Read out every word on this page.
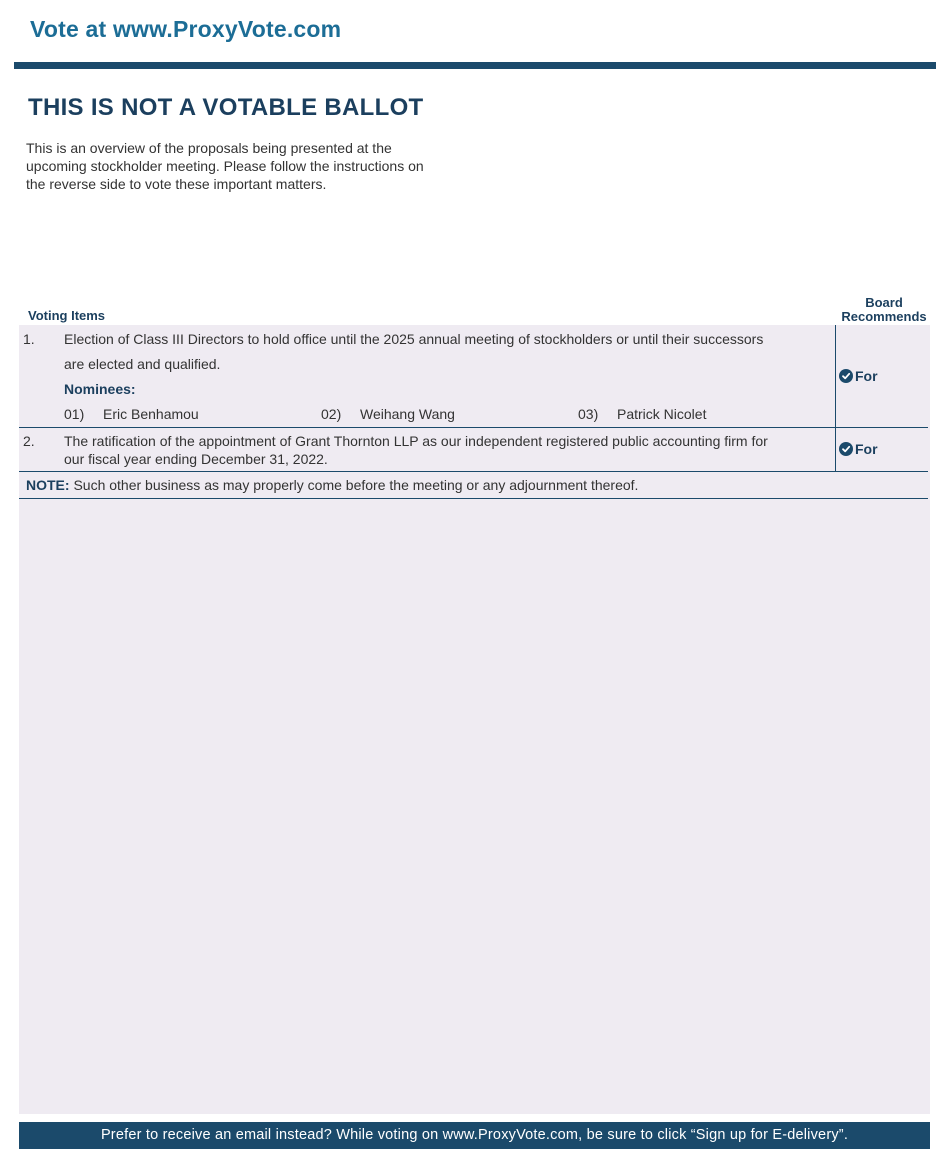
Vote at www.ProxyVote.com
THIS IS NOT A VOTABLE BALLOT
This is an overview of the proposals being presented at the
upcoming stockholder meeting. Please follow the instructions on
the reverse side to vote these important matters.
Voting Items
Board
Recommends
1. Election of Class III Directors to hold office until the 2025 annual meeting of stockholders or until their successors
are elected and qualified.
Nominees:
01) Eric Benhamou	02) Weihang Wang	03) Patrick Nicolet
For
2. The ratification of the appointment of Grant Thornton LLP as our independent registered public accounting firm for
our fiscal year ending December 31, 2022.
For
NOTE: Such other business as may properly come before the meeting or any adjournment thereof.
Prefer to receive an email instead? While voting on www.ProxyVote.com, be sure to click “Sign up for E-delivery”.
